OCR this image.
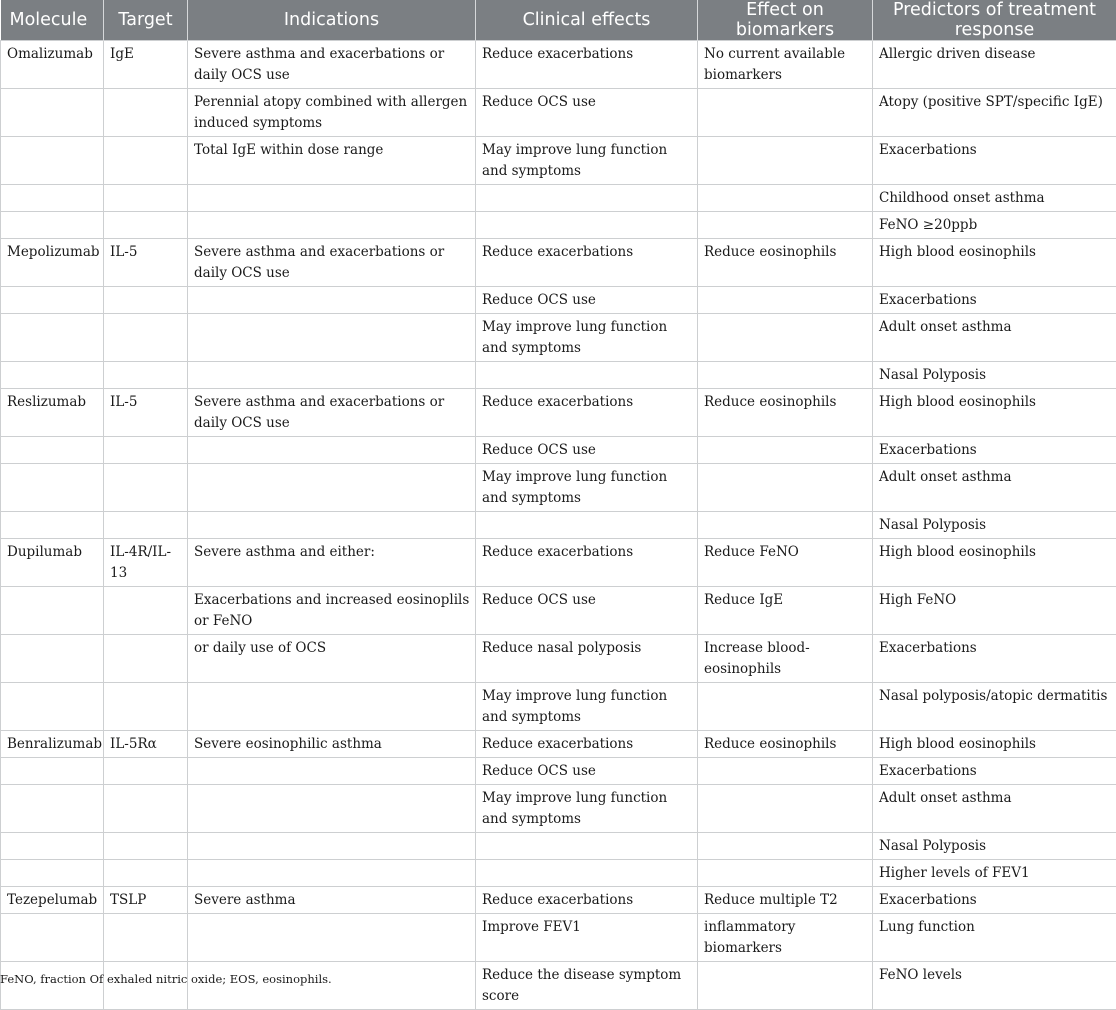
Molecule	Target	Indications	Clinical effects	Effect on biomarkers	Predictors of treatment response
Omalizumab	IgE	Severe asthma and exacerbations or daily OCS use	Reduce exacerbations	No current available biomarkers	Allergic driven disease
		Perennial atopy combined with allergen induced symptoms	Reduce OCS use		Atopy (positive SPT/specific IgE)
		Total IgE within dose range	May improve lung function and symptoms		Exacerbations
					Childhood onset asthma
					FeNO ≥20ppb
Mepolizumab	IL-5	Severe asthma and exacerbations or daily OCS use	Reduce exacerbations	Reduce eosinophils	High blood eosinophils
			Reduce OCS use		Exacerbations
			May improve lung function and symptoms		Adult onset asthma
					Nasal Polyposis
Reslizumab	IL-5	Severe asthma and exacerbations or daily OCS use	Reduce exacerbations	Reduce eosinophils	High blood eosinophils
			Reduce OCS use		Exacerbations
			May improve lung function and symptoms		Adult onset asthma
					Nasal Polyposis
Dupilumab	IL-4R/IL-13	Severe asthma and either:	Reduce exacerbations	Reduce FeNO	High blood eosinophils
		Exacerbations and increased eosinoplils or FeNO	Reduce OCS use	Reduce IgE	High FeNO
		or daily use of OCS	Reduce nasal polyposis	Increase blood-eosinophils	Exacerbations
			May improve lung function and symptoms		Nasal polyposis/atopic dermatitis
Benralizumab	IL-5Rα	Severe eosinophilic asthma	Reduce exacerbations	Reduce eosinophils	High blood eosinophils
			Reduce OCS use		Exacerbations
			May improve lung function and symptoms		Adult onset asthma
					Nasal Polyposis
					Higher levels of FEV1
Tezepelumab	TSLP	Severe asthma	Reduce exacerbations	Reduce multiple T2	Exacerbations
			Improve FEV1	inflammatory biomarkers	Lung function
			Reduce the disease symptom score		FeNO levels
FeNO, fraction Of exhaled nitric oxide; EOS, eosinophils.
